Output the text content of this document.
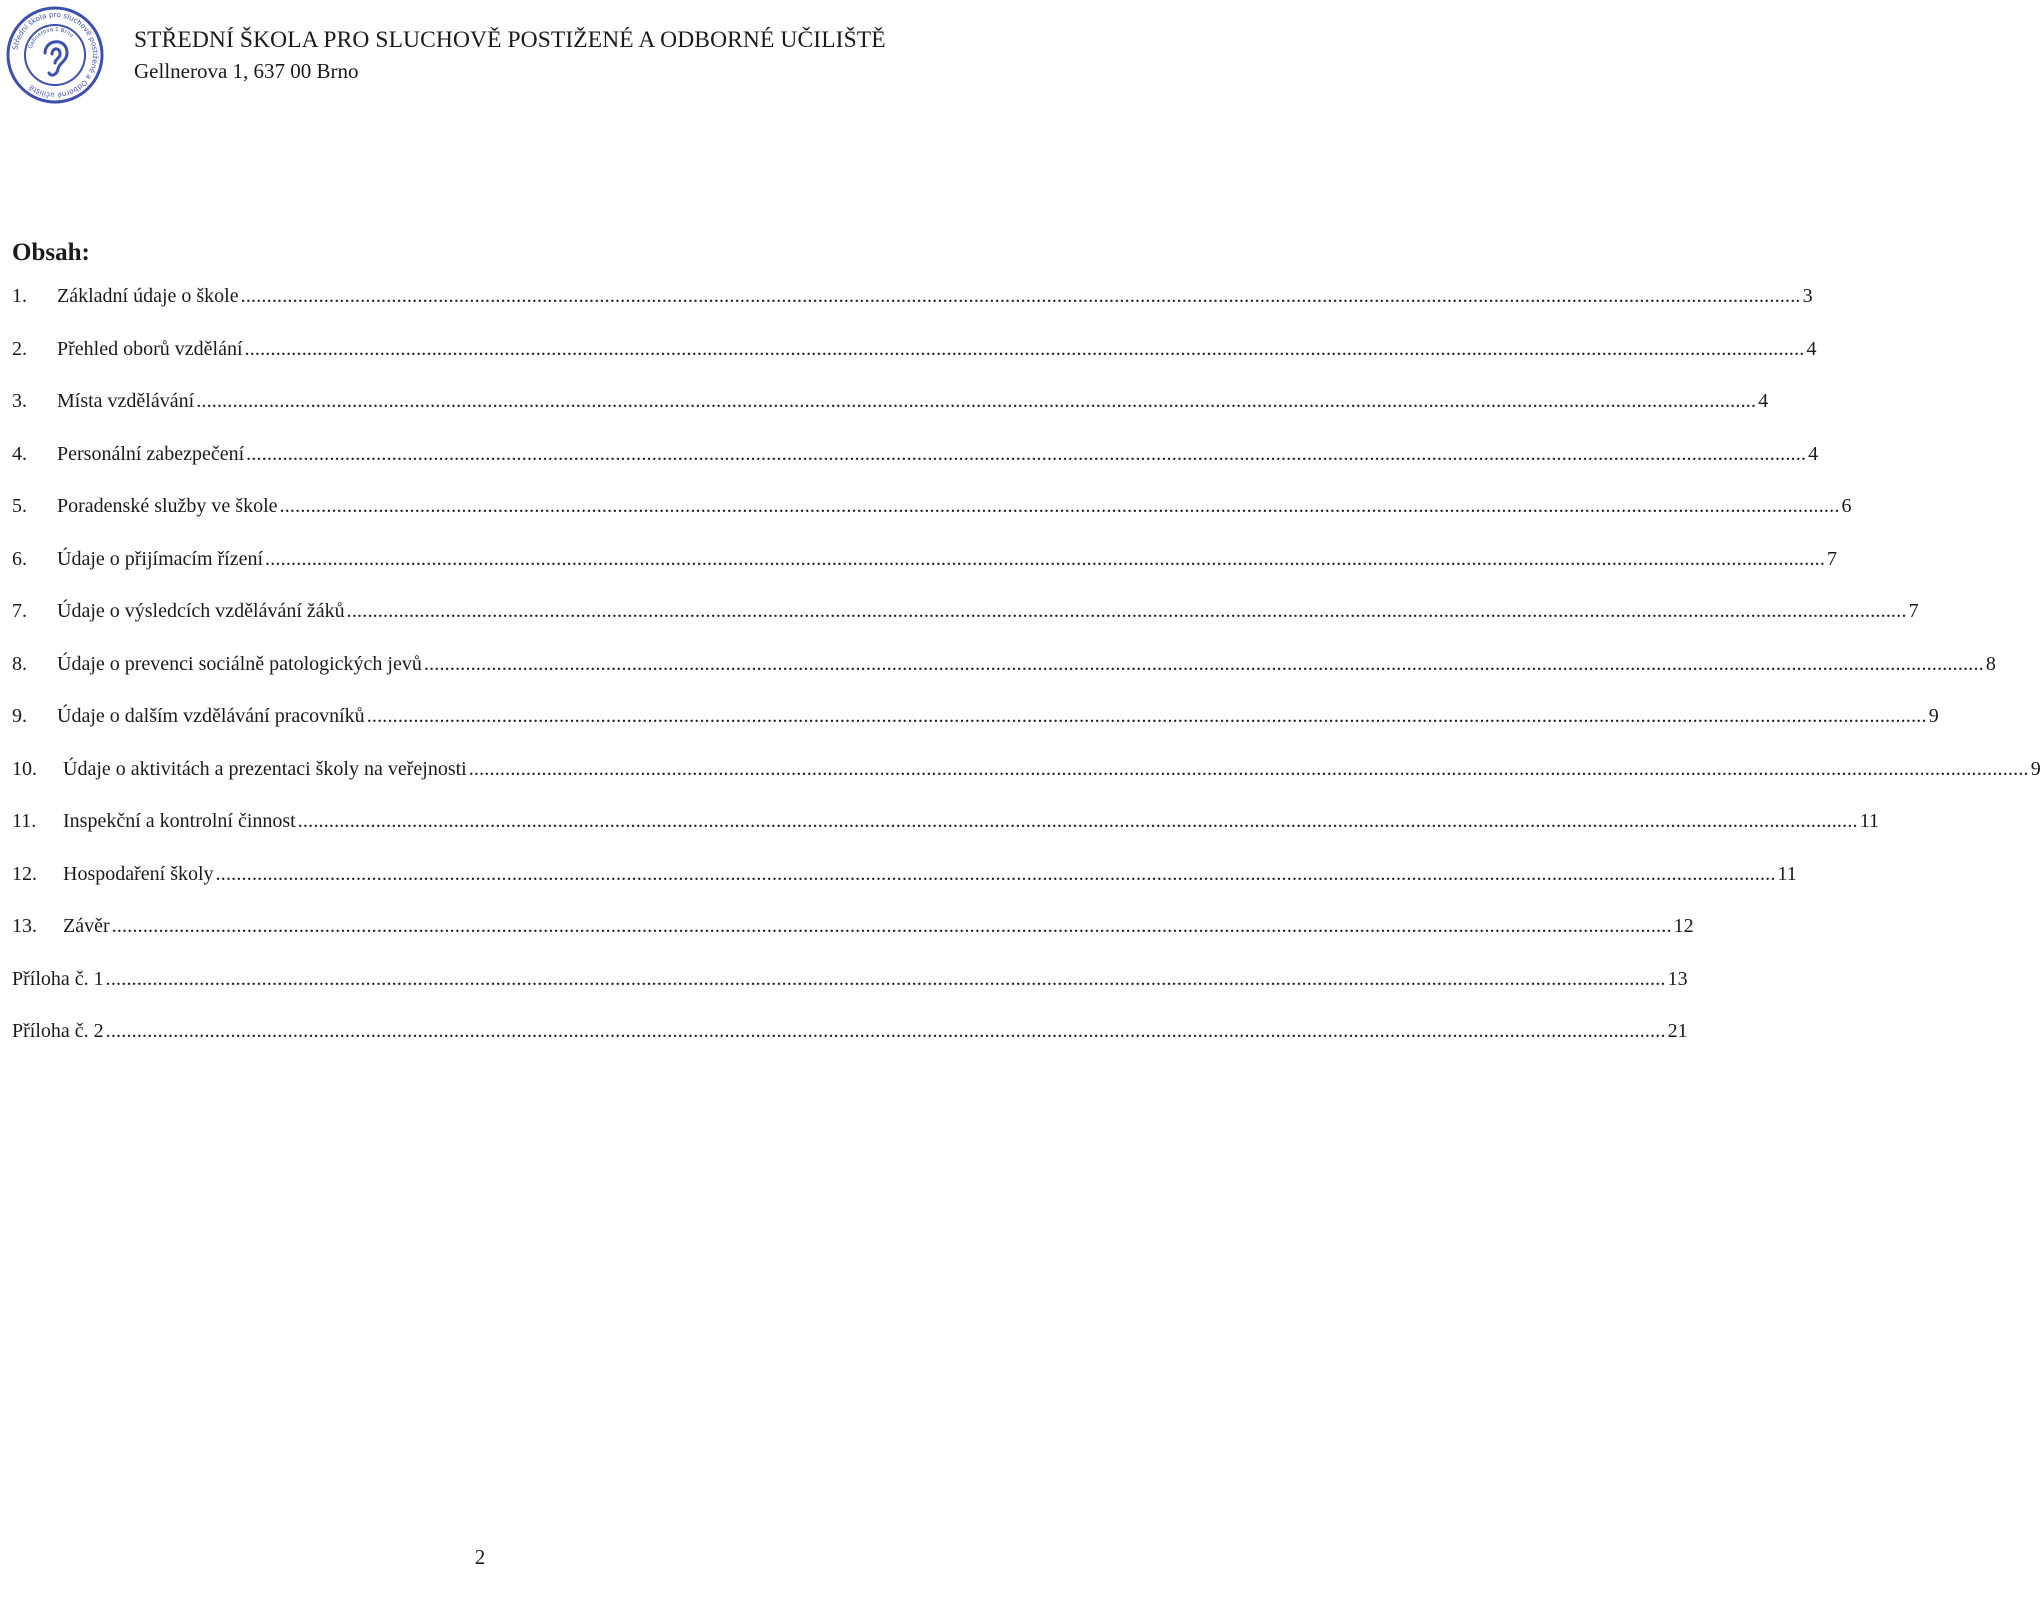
Střední škola pro sluchově postižené a Odborné učiliště
Gellnerova 1 Brno	STŘEDNÍ ŠKOLA PRO SLUCHOVĚ POSTIŽENÉ A ODBORNÉ UČILIŠTĚ
Gellnerova 1, 637 00 Brno
Obsah:
1.	Základní údaje o škole ............................................................................................................................................................................................................................................................................................................ 3
2.	Přehled oborů vzdělání ............................................................................................................................................................................................................................................................................................................ 4
3.	Místa vzdělávání ............................................................................................................................................................................................................................................................................................................ 4
4.	Personální zabezpečení ............................................................................................................................................................................................................................................................................................................ 4
5.	Poradenské služby ve škole ............................................................................................................................................................................................................................................................................................................ 6
6.	Údaje o přijímacím řízení ............................................................................................................................................................................................................................................................................................................ 7
7.	Údaje o výsledcích vzdělávání žáků ............................................................................................................................................................................................................................................................................................................ 7
8.	Údaje o prevenci sociálně patologických jevů ............................................................................................................................................................................................................................................................................................................ 8
9.	Údaje o dalším vzdělávání pracovníků ............................................................................................................................................................................................................................................................................................................ 9
10.	Údaje o aktivitách a prezentaci školy na veřejnosti ............................................................................................................................................................................................................................................................................................................ 9
11.	Inspekční a kontrolní činnost ............................................................................................................................................................................................................................................................................................................ 11
12.	Hospodaření školy ............................................................................................................................................................................................................................................................................................................ 11
13.	Závěr ............................................................................................................................................................................................................................................................................................................ 12
Příloha č. 1 ............................................................................................................................................................................................................................................................................................................ 13
Příloha č. 2 ............................................................................................................................................................................................................................................................................................................ 21
2
